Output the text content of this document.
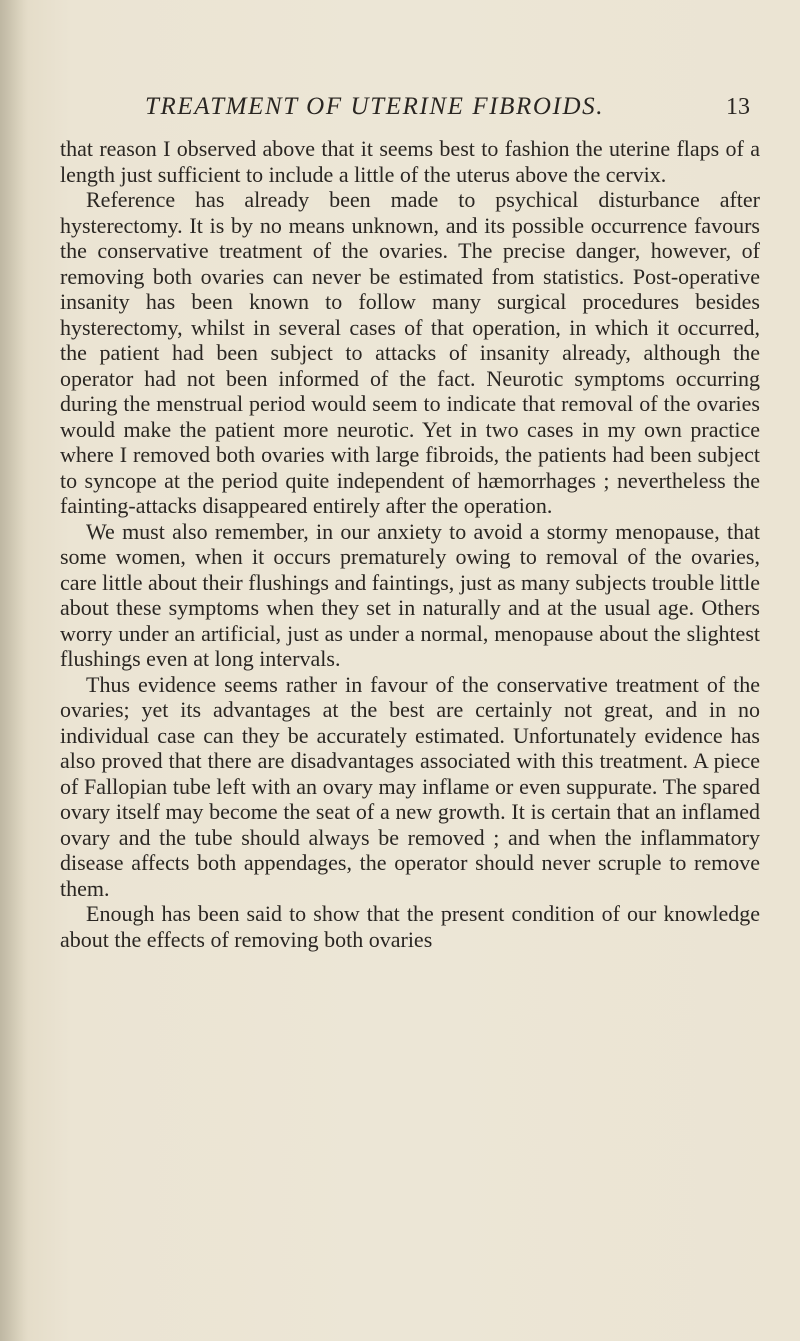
TREATMENT OF UTERINE FIBROIDS.	13

that reason I observed above that it seems best to fashion the uterine flaps of a length just sufficient to include a little of the uterus above the cervix.

Reference has already been made to psychical disturbance after hysterectomy. It is by no means unknown, and its possible occurrence favours the conservative treatment of the ovaries. The precise danger, however, of removing both ovaries can never be estimated from statistics. Post-operative insanity has been known to follow many surgical procedures besides hysterectomy, whilst in several cases of that operation, in which it occurred, the patient had been subject to attacks of insanity already, although the operator had not been informed of the fact. Neurotic symptoms occurring during the menstrual period would seem to indicate that removal of the ovaries would make the patient more neurotic. Yet in two cases in my own practice where I removed both ovaries with large fibroids, the patients had been subject to syncope at the period quite independent of hæmorrhages ; nevertheless the fainting-attacks disappeared entirely after the operation.

We must also remember, in our anxiety to avoid a stormy menopause, that some women, when it occurs prematurely owing to removal of the ovaries, care little about their flushings and faintings, just as many subjects trouble little about these symptoms when they set in naturally and at the usual age. Others worry under an artificial, just as under a normal, menopause about the slightest flushings even at long intervals.

Thus evidence seems rather in favour of the conservative treatment of the ovaries; yet its advantages at the best are certainly not great, and in no individual case can they be accurately estimated. Unfortunately evidence has also proved that there are disadvantages associated with this treatment. A piece of Fallopian tube left with an ovary may inflame or even suppurate. The spared ovary itself may become the seat of a new growth. It is certain that an inflamed ovary and the tube should always be removed ; and when the inflammatory disease affects both appendages, the operator should never scruple to remove them.

Enough has been said to show that the present condition of our knowledge about the effects of removing both ovaries
